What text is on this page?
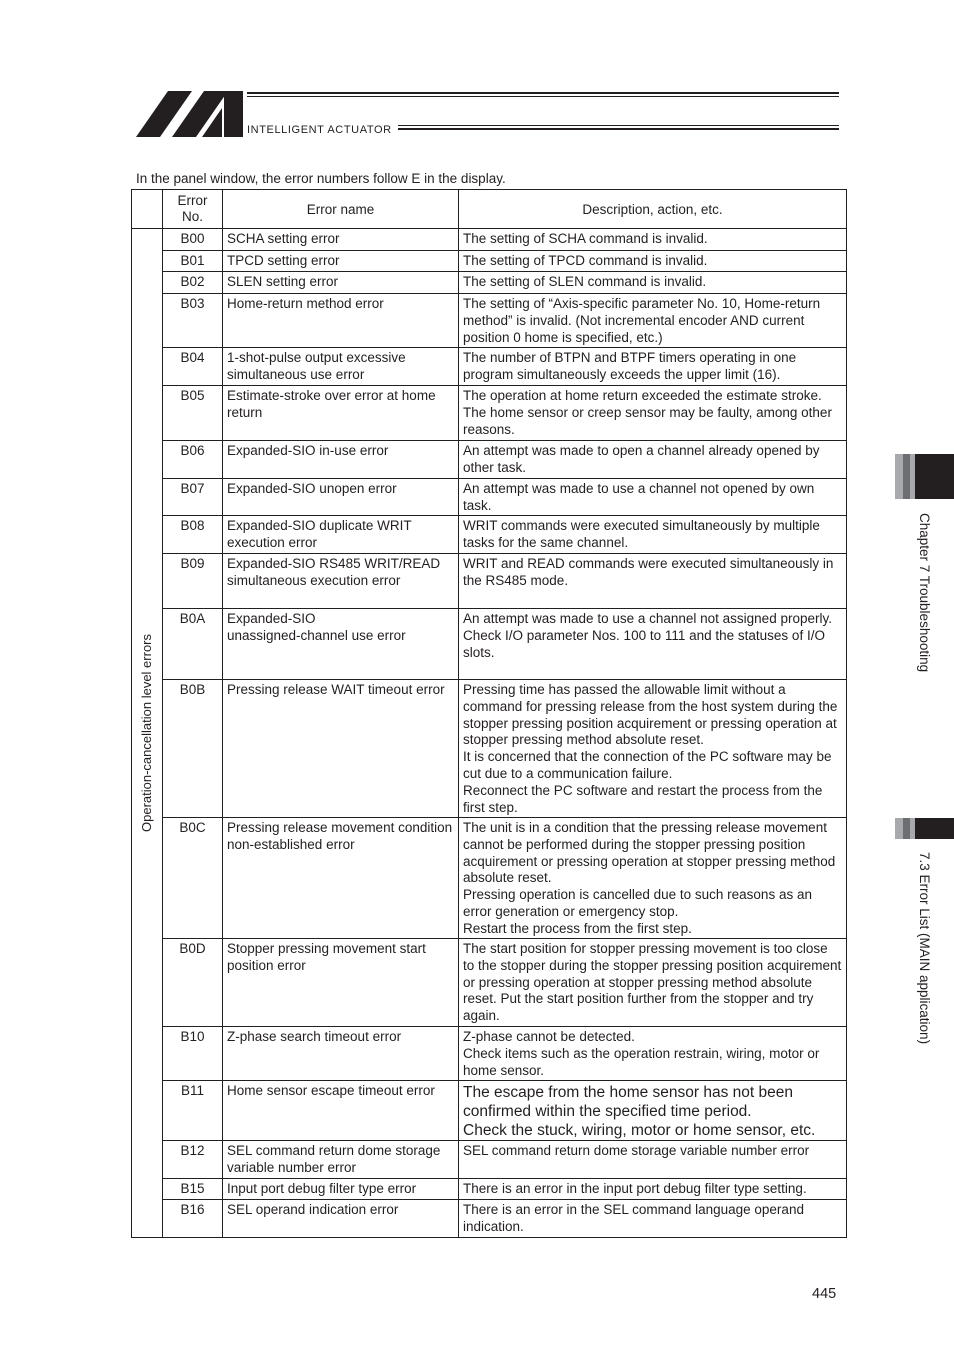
INTELLIGENT ACTUATOR
In the panel window, the error numbers follow E in the display.
	Error No.	Error name	Description, action, etc.

Operation-cancellation level errors	B00	SCHA setting error	The setting of SCHA command is invalid.
	B01	TPCD setting error	The setting of TPCD command is invalid.
	B02	SLEN setting error	The setting of SLEN command is invalid.
	B03	Home-return method error	The setting of “Axis-specific parameter No. 10, Home-return method” is invalid. (Not incremental encoder AND current position 0 home is specified, etc.)
	B04	1-shot-pulse output excessive simultaneous use error	The number of BTPN and BTPF timers operating in one program simultaneously exceeds the upper limit (16).
	B05	Estimate-stroke over error at home return	The operation at home return exceeded the estimate stroke. The home sensor or creep sensor may be faulty, among other reasons.
	B06	Expanded-SIO in-use error	An attempt was made to open a channel already opened by other task.
	B07	Expanded-SIO unopen error	An attempt was made to use a channel not opened by own task.
	B08	Expanded-SIO duplicate WRIT execution error	WRIT commands were executed simultaneously by multiple tasks for the same channel.
	B09	Expanded-SIO RS485 WRIT/READ simultaneous execution error	WRIT and READ commands were executed simultaneously in the RS485 mode.
	B0A	Expanded-SIO
unassigned-channel use error	An attempt was made to use a channel not assigned properly.
Check I/O parameter Nos. 100 to 111 and the statuses of I/O slots.
	B0B	Pressing release WAIT timeout error	Pressing time has passed the allowable limit without a command for pressing release from the host system during the stopper pressing position acquirement or pressing operation at stopper pressing method absolute reset.
It is concerned that the connection of the PC software may be cut due to a communication failure.
Reconnect the PC software and restart the process from the first step.
	B0C	Pressing release movement condition non-established error	The unit is in a condition that the pressing release movement cannot be performed during the stopper pressing position acquirement or pressing operation at stopper pressing method absolute reset.
Pressing operation is cancelled due to such reasons as an error generation or emergency stop.
Restart the process from the first step.
	B0D	Stopper pressing movement start position error	The start position for stopper pressing movement is too close to the stopper during the stopper pressing position acquirement or pressing operation at stopper pressing method absolute reset. Put the start position further from the stopper and try again.
	B10	Z-phase search timeout error	Z-phase cannot be detected.
Check items such as the operation restrain, wiring, motor or home sensor.
	B11	Home sensor escape timeout error	The escape from the home sensor has not been confirmed within the specified time period.
Check the stuck, wiring, motor or home sensor, etc.
	B12	SEL command return dome storage variable number error	SEL command return dome storage variable number error
	B15	Input port debug filter type error	There is an error in the input port debug filter type setting.
	B16	SEL operand indication error	There is an error in the SEL command language operand indication.
Chapter 7 Troubleshooting
7.3 Error List (MAIN application)
445
